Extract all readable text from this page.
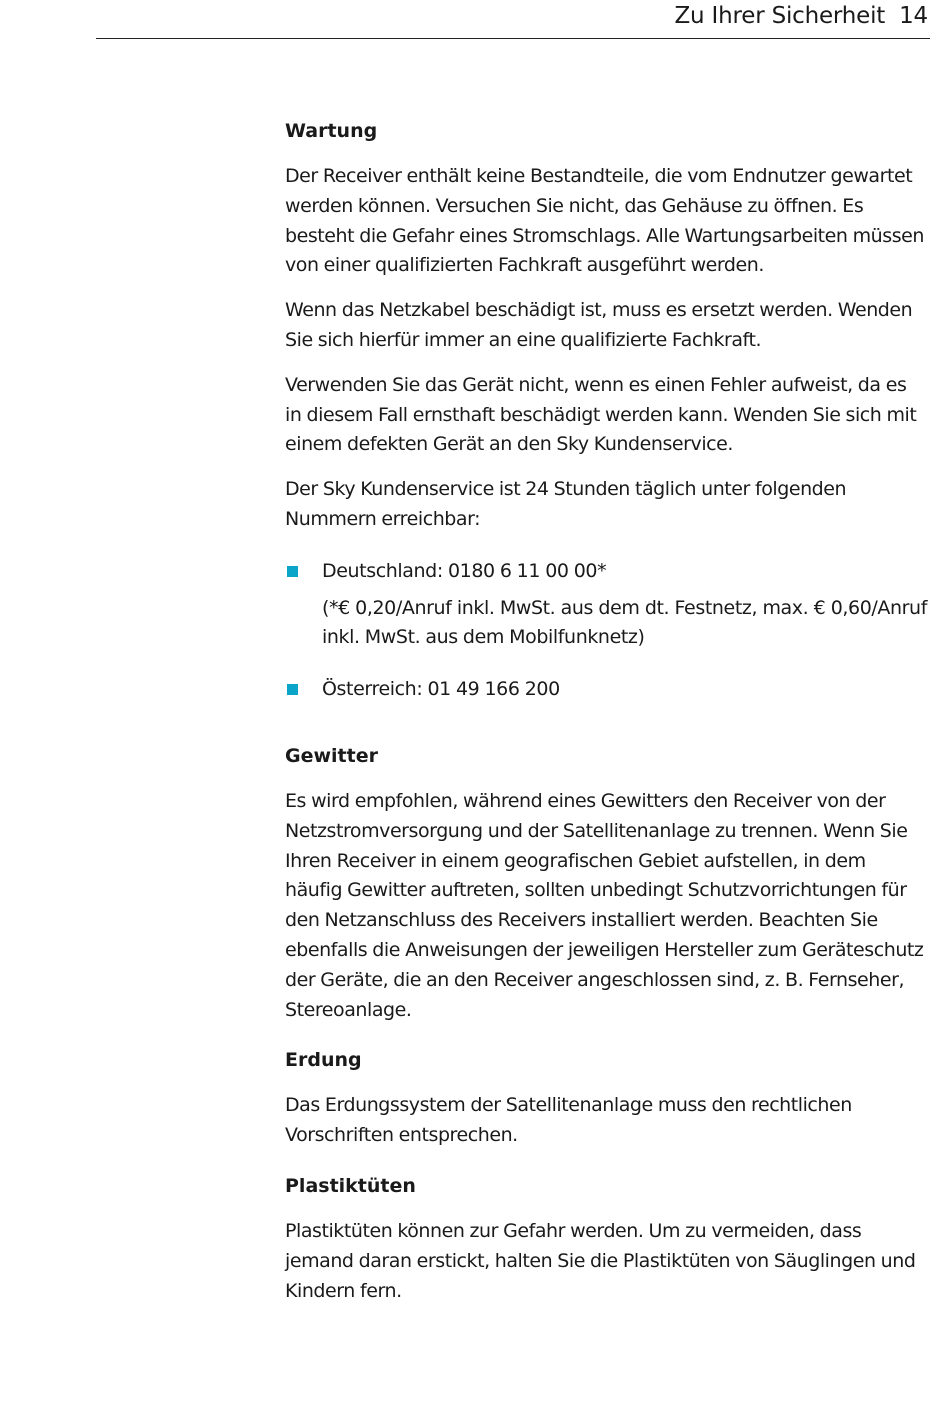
Zu Ihrer Sicherheit 14
Wartung

Der Receiver enthält keine Bestandteile, die vom Endnutzer gewartet werden können. Versuchen Sie nicht, das Gehäuse zu öffnen. Es besteht die Gefahr eines Stromschlags. Alle Wartungsarbeiten müssen von einer qualifizierten Fachkraft ausgeführt werden.

Wenn das Netzkabel beschädigt ist, muss es ersetzt werden. Wenden Sie sich hierfür immer an eine qualifizierte Fachkraft.

Verwenden Sie das Gerät nicht, wenn es einen Fehler aufweist, da es in diesem Fall ernsthaft beschädigt werden kann. Wenden Sie sich mit einem defekten Gerät an den Sky Kundenservice.

Der Sky Kundenservice ist 24 Stunden täglich unter folgenden Nummern erreichbar:

Deutschland: 0180 6 11 00 00*

(*€ 0,20/Anruf inkl. MwSt. aus dem dt. Festnetz, max. € 0,60/Anruf inkl. MwSt. aus dem Mobilfunknetz)

Österreich: 01 49 166 200

Gewitter

Es wird empfohlen, während eines Gewitters den Receiver von der Netzstromversorgung und der Satellitenanlage zu trennen. Wenn Sie Ihren Receiver in einem geografischen Gebiet aufstellen, in dem häufig Gewitter auftreten, sollten unbedingt Schutzvorrichtungen für den Netzanschluss des Receivers installiert werden. Beachten Sie ebenfalls die Anweisungen der jeweiligen Hersteller zum Geräteschutz der Geräte, die an den Receiver angeschlossen sind, z. B. Fernseher, Stereoanlage.

Erdung

Das Erdungssystem der Satellitenanlage muss den rechtlichen Vorschriften entsprechen.

Plastiktüten

Plastiktüten können zur Gefahr werden. Um zu vermeiden, dass jemand daran erstickt, halten Sie die Plastiktüten von Säuglingen und Kindern fern.
